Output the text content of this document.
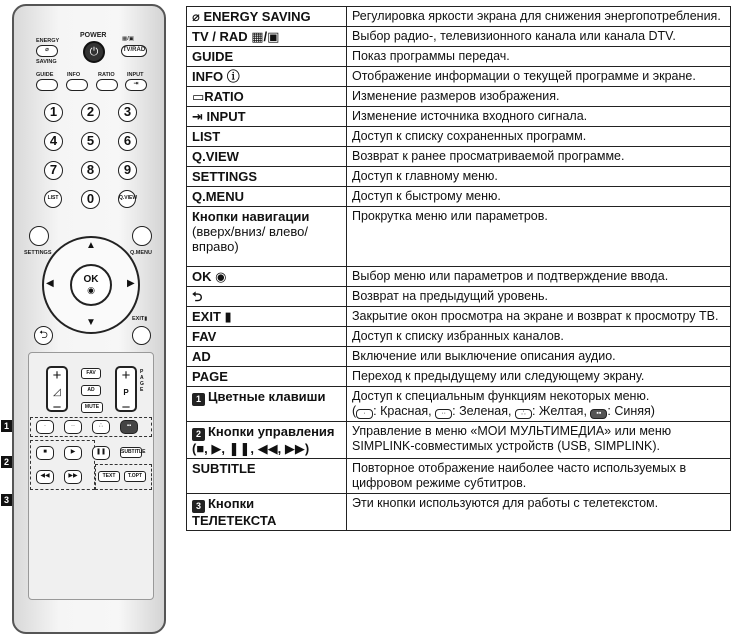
ENERGY
⌀
SAVING
POWER
⏻
▦/▣
TV/RAD
GUIDE INFO	RATIO INPUT
⇥
1	2	3
4	5	6
7	8	9
LIST	0	Q.VIEW
SETTINGS	Q.MENU
▲
▼
◀	▶
OK
◉
⮌
EXIT▮
+
◿
−
FAV
AD
MUTE
+
P
−
PAGE
·	··	∴	▪▪
■	▶	❚❚
◀◀	▶▶
SUBTITLE
TEXT	T.OPT
1
2
3
⌀ ENERGY SAVING	Регулировка яркости экрана для снижения энергопотребления.
TV / RAD ▦/▣	Выбор радио-, телевизионного канала или канала DTV.
GUIDE	Показ программы передач.
INFO ⓘ	Отображение информации о текущей программе и экране.
▭RATIO	Изменение размеров изображения.
⇥ INPUT	Изменение источника входного сигнала.
LIST	Доступ к списку сохраненных программ.
Q.VIEW	Возврат к ранее просматриваемой программе.
SETTINGS	Доступ к главному меню.
Q.MENU	Доступ к быстрому меню.
Кнопки навигации
(вверх/вниз/ влево/ вправо)	Прокрутка меню или параметров.
OK ◉	Выбор меню или параметров и подтверждение ввода.
⮌	Возврат на предыдущий уровень.
EXIT ▮	Закрытие окон просмотра на экране и возврат к просмотру ТВ.
FAV	Доступ к списку избранных каналов.
AD	Включение или выключение описания аудио.
PAGE	Переход к предыдущему или следующему экрану.
1 Цветные клавиши	Доступ к специальным функциям некоторых меню.
( · : Красная, ·· : Зеленая, ∴ : Желтая, ▪▪ : Синяя)
2 Кнопки управления
(■, ▶, ❚❚, ◀◀, ▶▶)	Управление в меню «МОИ МУЛЬТИМЕДИА» или меню SIMPLINK-совместимых устройств (USB, SIMPLINK).
SUBTITLE	Повторное отображение наиболее часто используемых в цифровом режиме субтитров.
3 Кнопки ТЕЛЕТЕКСТА	Эти кнопки используются для работы с телетекстом.
